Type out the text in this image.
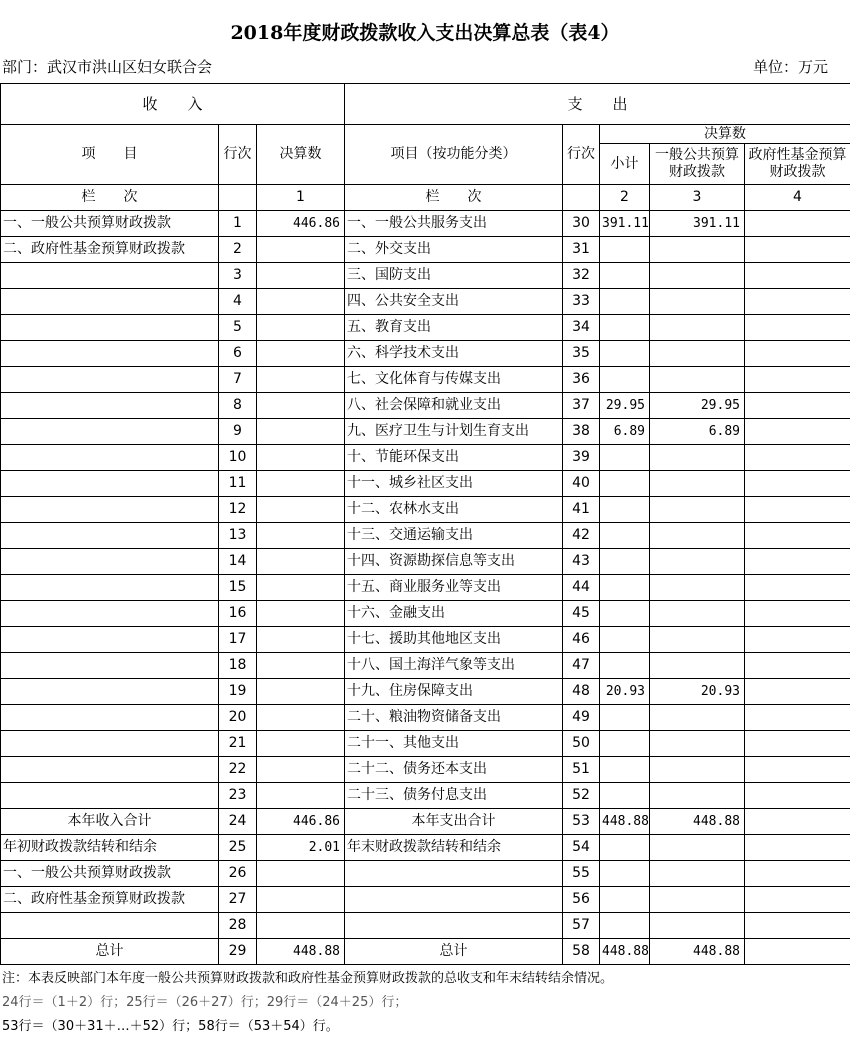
2018年度财政拨款收入支出决算总表（表4）
部门：武汉市洪山区妇女联合会	单位：万元
收　　入			支　　出				
项　　目	行次	决算数	项目（按功能分类）	行次	决算数		
					小计	一般公共预算财政拨款	政府性基金预算财政拨款
栏　　次		1	栏　　次		2	3	4
一、一般公共预算财政拨款	1	446.86	一、一般公共服务支出	30	391.11	391.11	
二、政府性基金预算财政拨款	2		二、外交支出	31			
	3		三、国防支出	32			
	4		四、公共安全支出	33			
	5		五、教育支出	34			
	6		六、科学技术支出	35			
	7		七、文化体育与传媒支出	36			
	8		八、社会保障和就业支出	37	29.95	29.95	
	9		九、医疗卫生与计划生育支出	38	6.89	6.89	
	10		十、节能环保支出	39			
	11		十一、城乡社区支出	40			
	12		十二、农林水支出	41			
	13		十三、交通运输支出	42			
	14		十四、资源勘探信息等支出	43			
	15		十五、商业服务业等支出	44			
	16		十六、金融支出	45			
	17		十七、援助其他地区支出	46			
	18		十八、国土海洋气象等支出	47			
	19		十九、住房保障支出	48	20.93	20.93	
	20		二十、粮油物资储备支出	49			
	21		二十一、其他支出	50			
	22		二十二、债务还本支出	51			
	23		二十三、债务付息支出	52			
本年收入合计	24	446.86	本年支出合计	53	448.88	448.88	
年初财政拨款结转和结余	25	2.01	年末财政拨款结转和结余	54			
一、一般公共预算财政拨款	26			55			
二、政府性基金预算财政拨款	27			56			
	28			57			
总计	29	448.88	总计	58	448.88	448.88	
注：本表反映部门本年度一般公共预算财政拨款和政府性基金预算财政拨款的总收支和年末结转结余情况。
24行＝（1＋2）行；25行＝（26＋27）行；29行＝（24＋25）行；
53行＝（30＋31＋…＋52）行；58行＝（53＋54）行。
